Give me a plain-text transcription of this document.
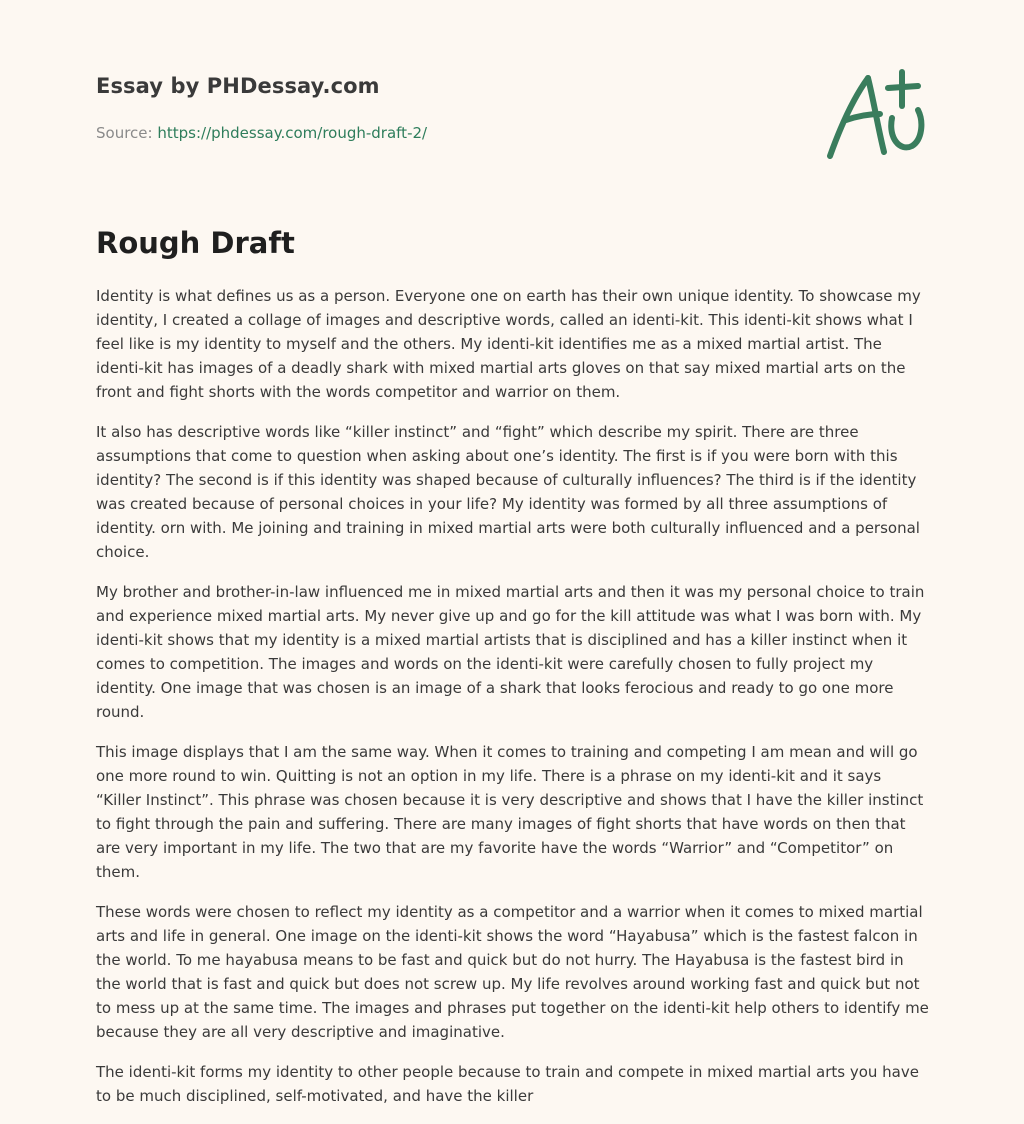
Essay by PHDessay.com
Source: https://phdessay.com/rough-draft-2/
Rough Draft

Identity is what defines us as a person. Everyone one on earth has their own unique identity. To showcase my identity, I created a collage of images and descriptive words, called an identi-kit. This identi-kit shows what I feel like is my identity to myself and the others. My identi-kit identifies me as a mixed martial artist. The identi-kit has images of a deadly shark with mixed martial arts gloves on that say mixed martial arts on the front and fight shorts with the words competitor and warrior on them.

It also has descriptive words like “killer instinct” and “fight” which describe my spirit. There are three assumptions that come to question when asking about one’s identity. The first is if you were born with this identity? The second is if this identity was shaped because of culturally influences? The third is if the identity was created because of personal choices in your life? My identity was formed by all three assumptions of identity. orn with. Me joining and training in mixed martial arts were both culturally influenced and a personal choice.

My brother and brother-in-law influenced me in mixed martial arts and then it was my personal choice to train and experience mixed martial arts. My never give up and go for the kill attitude was what I was born with. My identi-kit shows that my identity is a mixed martial artists that is disciplined and has a killer instinct when it comes to competition. The images and words on the identi-kit were carefully chosen to fully project my identity. One image that was chosen is an image of a shark that looks ferocious and ready to go one more round.

This image displays that I am the same way. When it comes to training and competing I am mean and will go one more round to win. Quitting is not an option in my life. There is a phrase on my identi-kit and it says “Killer Instinct”. This phrase was chosen because it is very descriptive and shows that I have the killer instinct to fight through the pain and suffering. There are many images of fight shorts that have words on then that are very important in my life. The two that are my favorite have the words “Warrior” and “Competitor” on them.

These words were chosen to reflect my identity as a competitor and a warrior when it comes to mixed martial arts and life in general. One image on the identi-kit shows the word “Hayabusa” which is the fastest falcon in the world. To me hayabusa means to be fast and quick but do not hurry. The Hayabusa is the fastest bird in the world that is fast and quick but does not screw up. My life revolves around working fast and quick but not to mess up at the same time. The images and phrases put together on the identi-kit help others to identify me because they are all very descriptive and imaginative.

The identi-kit forms my identity to other people because to train and compete in mixed martial arts you have to be much disciplined, self-motivated, and have the killer
